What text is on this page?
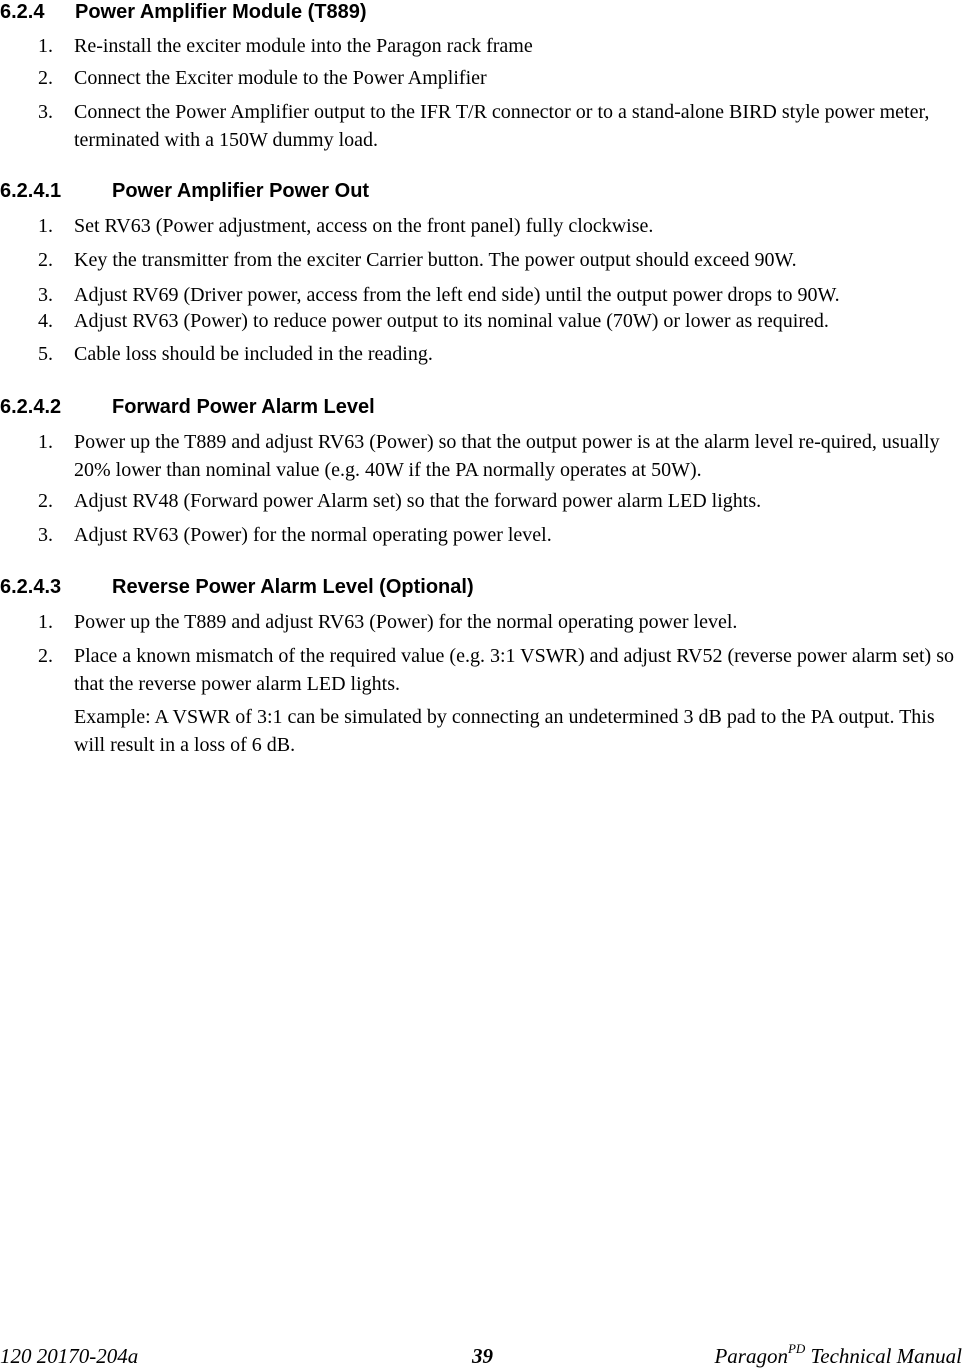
6.2.4 Power Amplifier Module (T889)
1. Re-install the exciter module into the Paragon rack frame
2. Connect the Exciter module to the Power Amplifier
3. Connect the Power Amplifier output to the IFR T/R connector or to a stand-alone BIRD style power meter, terminated with a 150W dummy load.
6.2.4.1	Power Amplifier Power Out
1. Set RV63 (Power adjustment, access on the front panel) fully clockwise.
2. Key the transmitter from the exciter Carrier button. The power output should exceed 90W.
3. Adjust RV69 (Driver power, access from the left end side) until the output power drops to 90W.
4. Adjust RV63 (Power) to reduce power output to its nominal value (70W) or lower as required.
5. Cable loss should be included in the reading.
6.2.4.2	Forward Power Alarm Level
1. Power up the T889 and adjust RV63 (Power) so that the output power is at the alarm level re-quired, usually 20% lower than nominal value (e.g. 40W if the PA normally operates at 50W).
2. Adjust RV48 (Forward power Alarm set) so that the forward power alarm LED lights.
3. Adjust RV63 (Power) for the normal operating power level.
6.2.4.3	Reverse Power Alarm Level (Optional)
1. Power up the T889 and adjust RV63 (Power) for the normal operating power level.
2. Place a known mismatch of the required value (e.g. 3:1 VSWR) and adjust RV52 (reverse power alarm set) so that the reverse power alarm LED lights.
Example: A VSWR of 3:1 can be simulated by connecting an undetermined 3 dB pad to the PA output. This will result in a loss of 6 dB.
120 20170-204a	39	Paragon$^{PD}$ Technical Manual
